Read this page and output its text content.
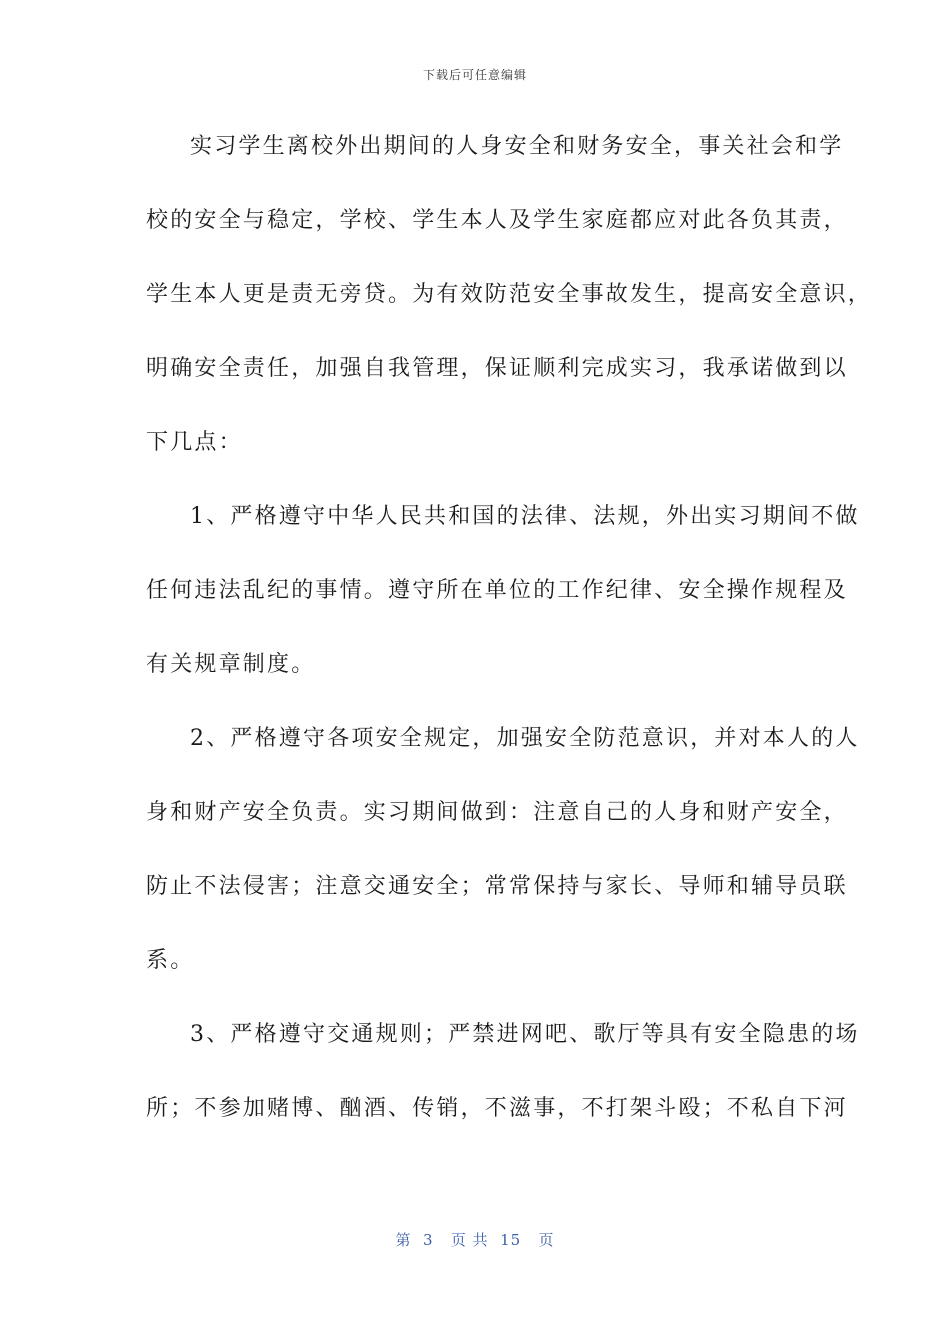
下载后可任意编辑
实习学生离校外出期间的人身安全和财务安全，事关社会和学
校的安全与稳定，学校、学生本人及学生家庭都应对此各负其责，
学生本人更是责无旁贷。为有效防范安全事故发生，提高安全意识，
明确安全责任，加强自我管理，保证顺利完成实习，我承诺做到以
下几点：
1、严格遵守中华人民共和国的法律、法规，外出实习期间不做
任何违法乱纪的事情。遵守所在单位的工作纪律、安全操作规程及
有关规章制度。
2、严格遵守各项安全规定，加强安全防范意识，并对本人的人
身和财产安全负责。实习期间做到：注意自己的人身和财产安全，
防止不法侵害；注意交通安全；常常保持与家长、导师和辅导员联
系。
3、严格遵守交通规则；严禁进网吧、歌厅等具有安全隐患的场
所；不参加赌博、酗酒、传销，不滋事，不打架斗殴；不私自下河
第  3   页 共  15   页
